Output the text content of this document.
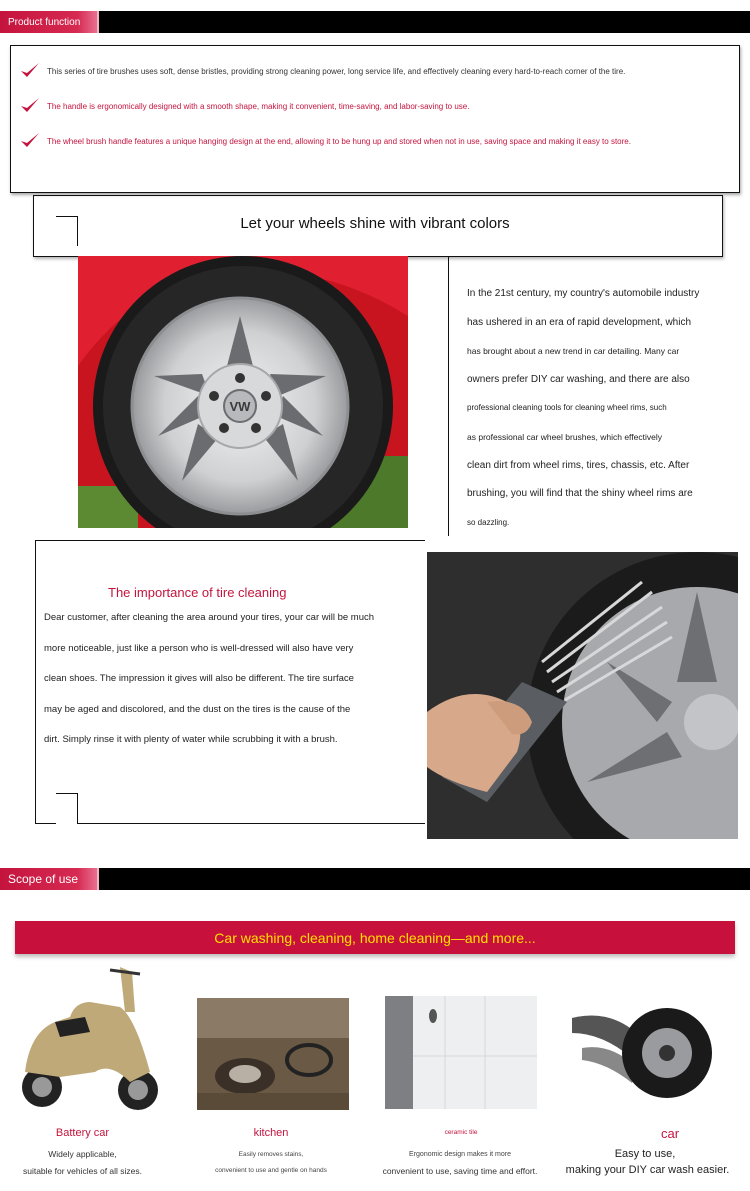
Product function
This series of tire brushes uses soft, dense bristles, providing strong cleaning power, long service life, and effectively cleaning every hard-to-reach corner of the tire.
The handle is ergonomically designed with a smooth shape, making it convenient, time-saving, and labor-saving to use.
The wheel brush handle features a unique hanging design at the end, allowing it to be hung up and stored when not in use, saving space and making it easy to store.
Let your wheels shine with vibrant colors
VW
In the 21st century, my country's automobile industry
has ushered in an era of rapid development, which
has brought about a new trend in car detailing. Many car
owners prefer DIY car washing, and there are also
professional cleaning tools for cleaning wheel rims, such
as professional car wheel brushes, which effectively
clean dirt from wheel rims, tires, chassis, etc. After
brushing, you will find that the shiny wheel rims are
so dazzling.
The importance of tire cleaning
Dear customer, after cleaning the area around your tires, your car will be much
more noticeable, just like a person who is well-dressed will also have very
clean shoes. The impression it gives will also be different. The tire surface
may be aged and discolored, and the dust on the tires is the cause of the
dirt. Simply rinse it with plenty of water while scrubbing it with a brush.
Scope of use
Car washing, cleaning, home cleaning—and more...
Battery car
Widely applicable,
suitable for vehicles of all sizes.
kitchen
Easily removes stains,
convenient to use and gentle on hands
ceramic tile
Ergonomic design makes it more
convenient to use, saving time and effort.
car
Easy to use,
making your DIY car wash easier.
